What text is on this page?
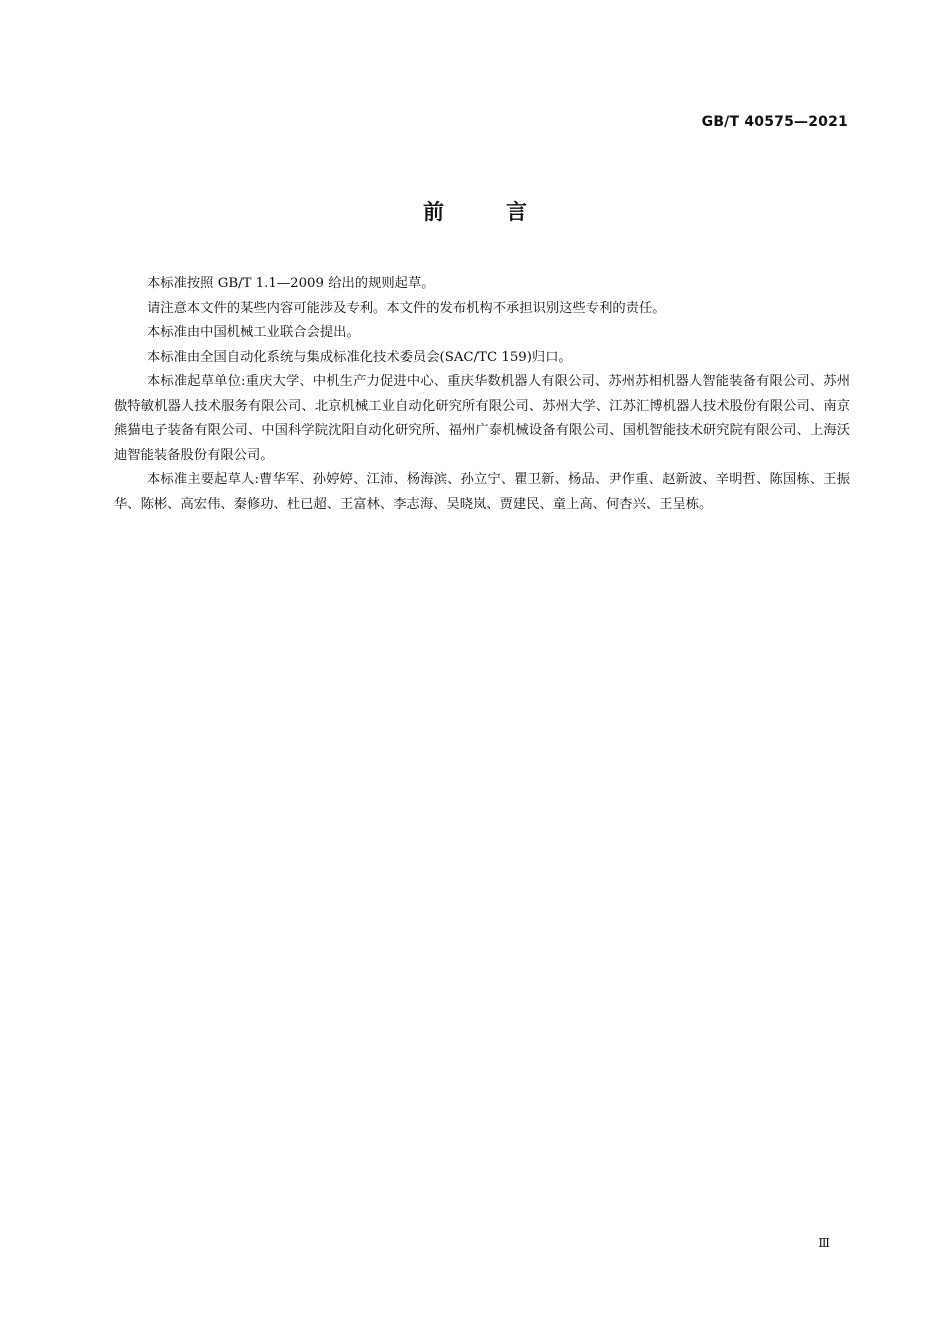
GB/T 40575—2021
前言

本标准按照 GB/T 1.1—2009 给出的规则起草。

请注意本文件的某些内容可能涉及专利。本文件的发布机构不承担识别这些专利的责任。

本标准由中国机械工业联合会提出。

本标准由全国自动化系统与集成标准化技术委员会(SAC/TC 159)归口。

本标准起草单位:重庆大学、中机生产力促进中心、重庆华数机器人有限公司、苏州苏相机器人智能装备有限公司、苏州傲特敏机器人技术服务有限公司、北京机械工业自动化研究所有限公司、苏州大学、江苏汇博机器人技术股份有限公司、南京熊猫电子装备有限公司、中国科学院沈阳自动化研究所、福州广泰机械设备有限公司、国机智能技术研究院有限公司、上海沃迪智能装备股份有限公司。

本标准主要起草人:曹华军、孙婷婷、江沛、杨海滨、孙立宁、瞿卫新、杨品、尹作重、赵新波、辛明哲、陈国栋、王振华、陈彬、高宏伟、秦修功、杜已超、王富林、李志海、吴晓岚、贾建民、童上高、何杏兴、王呈栋。

Ⅲ
